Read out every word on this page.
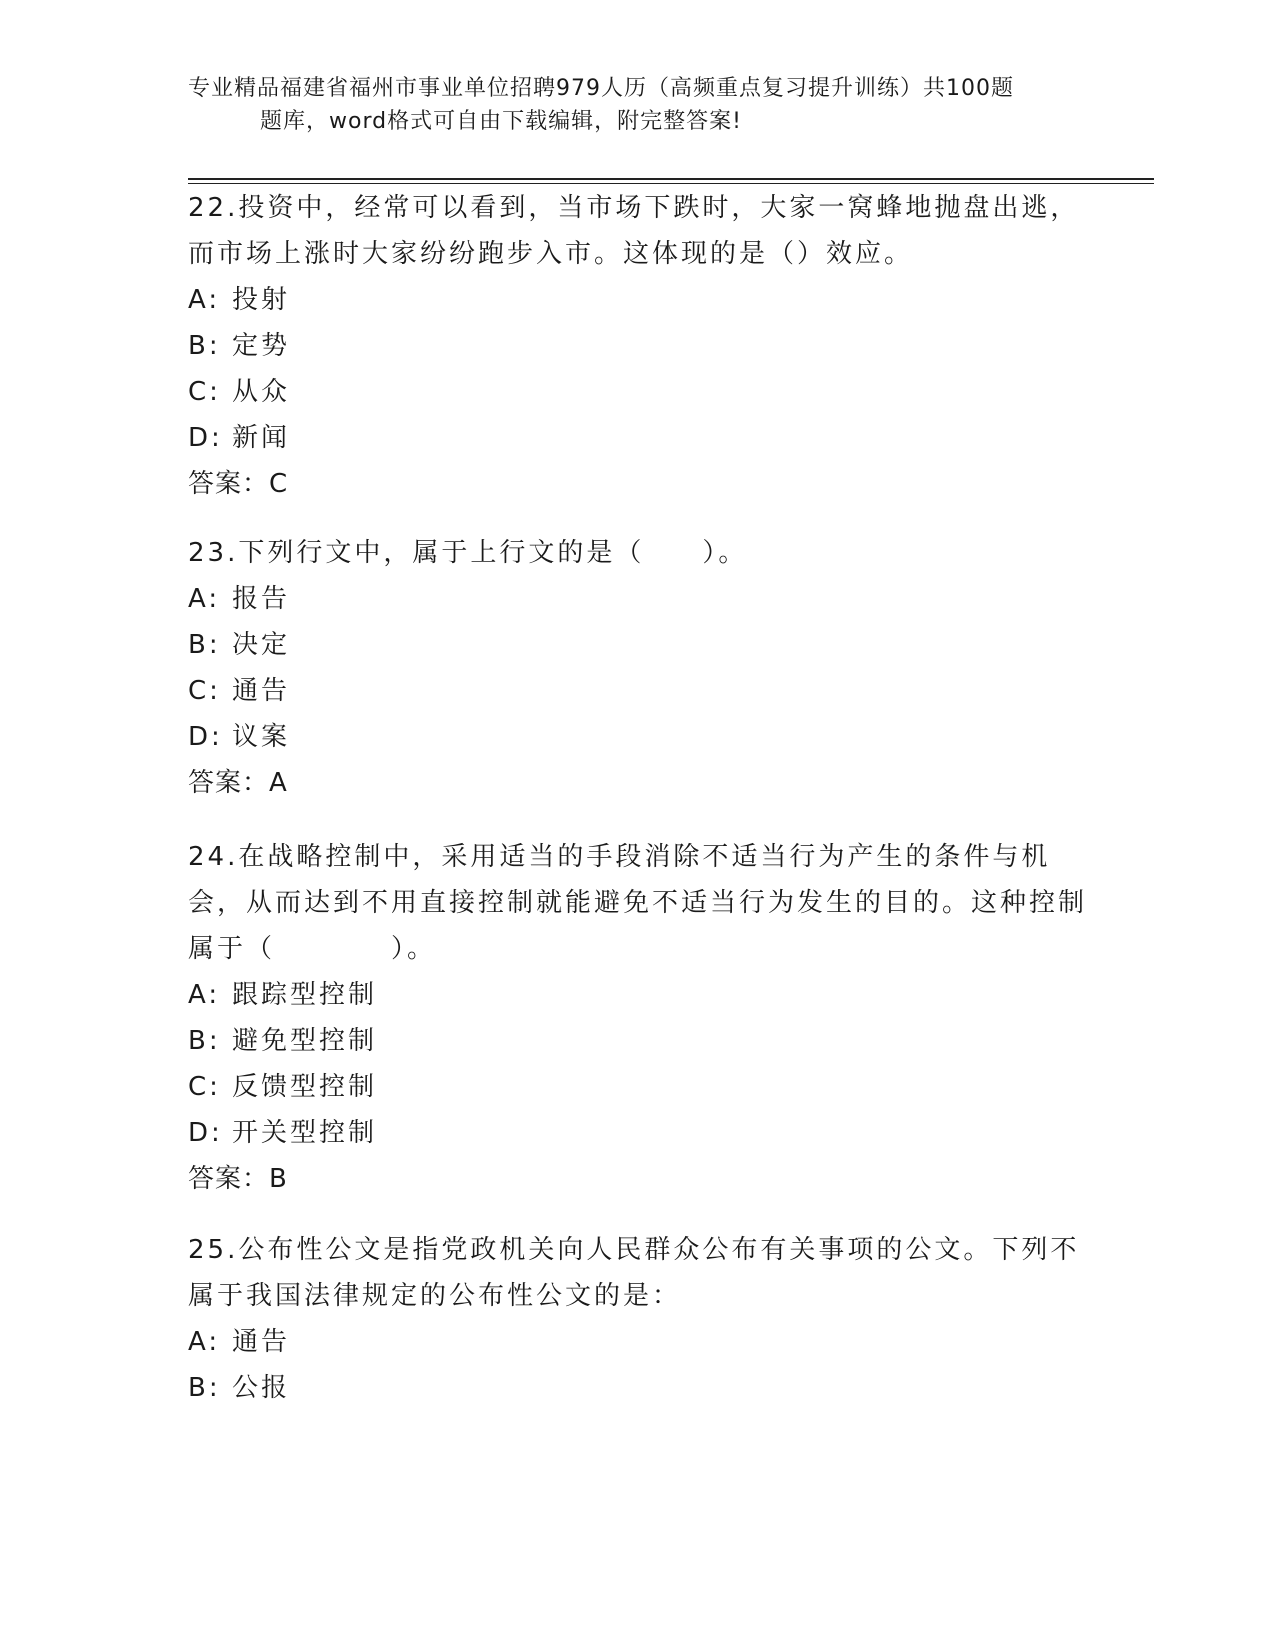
专业精品福建省福州市事业单位招聘979人历（高频重点复习提升训练）共100题
题库，word格式可自由下载编辑，附完整答案!
22.投资中，经常可以看到，当市场下跌时，大家一窝蜂地抛盘出逃，而市场上涨时大家纷纷跑步入市。这体现的是（）效应。
A: 投射
B: 定势
C: 从众
D: 新闻
答案：C
23.下列行文中，属于上行文的是（　　）。
A: 报告
B: 决定
C: 通告
D: 议案
答案：A
24.在战略控制中，采用适当的手段消除不适当行为产生的条件与机会，从而达到不用直接控制就能避免不适当行为发生的目的。这种控制属于（　　　　）。
A: 跟踪型控制
B: 避免型控制
C: 反馈型控制
D: 开关型控制
答案：B
25.公布性公文是指党政机关向人民群众公布有关事项的公文。下列不属于我国法律规定的公布性公文的是：
A: 通告
B: 公报
